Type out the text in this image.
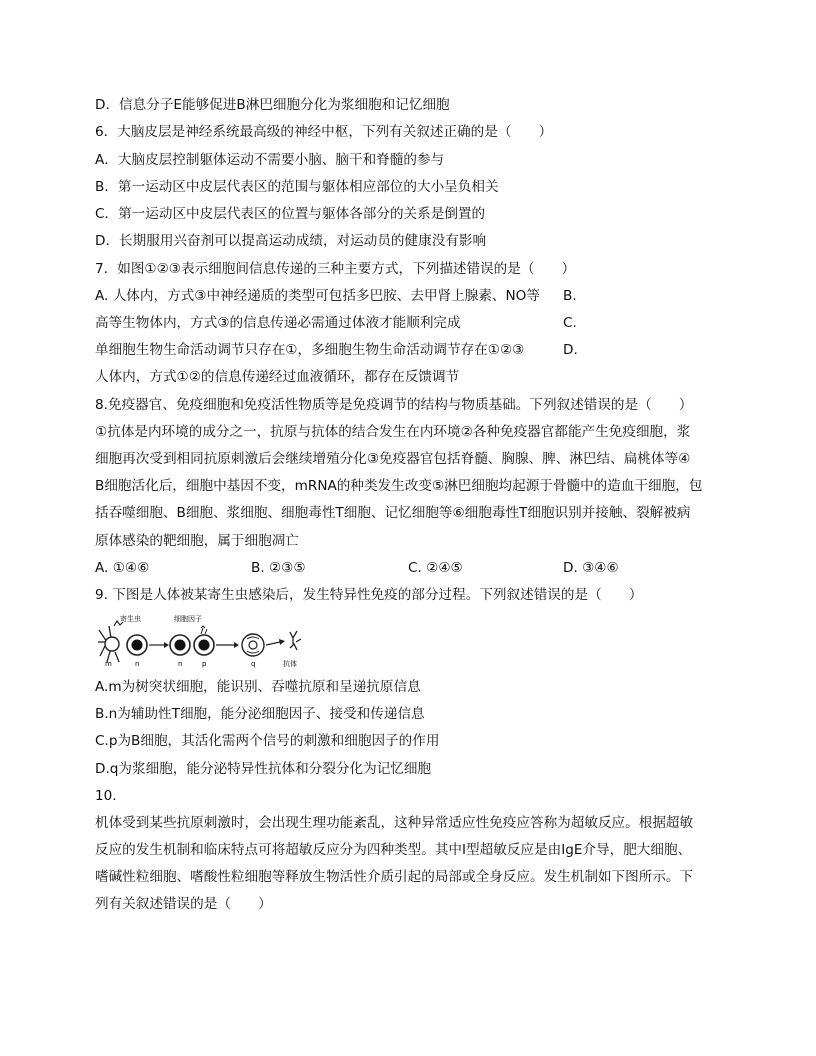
D．信息分子E能够促进B淋巴细胞分化为浆细胞和记忆细胞
6．大脑皮层是神经系统最高级的神经中枢，下列有关叙述正确的是（　　）
A．大脑皮层控制躯体运动不需要小脑、脑干和脊髓的参与
B．第一运动区中皮层代表区的范围与躯体相应部位的大小呈负相关
C．第一运动区中皮层代表区的位置与躯体各部分的关系是倒置的
D．长期服用兴奋剂可以提高运动成绩，对运动员的健康没有影响
7．如图①②③表示细胞间信息传递的三种主要方式，下列描述错误的是（　　）
A. 人体内，方式③中神经递质的类型可包括多巴胺、去甲肾上腺素、NO等
高等生物体内，方式③的信息传递必需通过体液才能顺利完成
单细胞生物生命活动调节只存在①，多细胞生物生命活动调节存在①②③
人体内，方式①②的信息传递经过血液循环，都存在反馈调节
B.
C.
D.
8.免疫器官、免疫细胞和免疫活性物质等是免疫调节的结构与物质基础。下列叙述错误的是（　　）
①抗体是内环境的成分之一，抗原与抗体的结合发生在内环境②各种免疫器官都能产生免疫细胞，浆
细胞再次受到相同抗原刺激后会继续增殖分化③免疫器官包括脊髓、胸腺、脾、淋巴结、扁桃体等④
B细胞活化后，细胞中基因不变，mRNA的种类发生改变⑤淋巴细胞均起源于骨髓中的造血干细胞，包
括吞噬细胞、B细胞、浆细胞、细胞毒性T细胞、记忆细胞等⑥细胞毒性T细胞识别并接触、裂解被病
原体感染的靶细胞，属于细胞凋亡
A. ①④⑥	B. ②③⑤	C. ②④⑤	D. ③④⑥
9. 下图是人体被某寄生虫感染后，发生特异性免疫的部分过程。下列叙述错误的是（　　）
寄生虫	细胞因子
抗体
m	n	n	p	q
A.m为树突状细胞，能识别、吞噬抗原和呈递抗原信息
B.n为辅助性T细胞，能分泌细胞因子、接受和传递信息
C.p为B细胞，其活化需两个信号的刺激和细胞因子的作用
D.q为浆细胞，能分泌特异性抗体和分裂分化为记忆细胞
10.
机体受到某些抗原刺激时，会出现生理功能紊乱，这种异常适应性免疫应答称为超敏反应。根据超敏
反应的发生机制和临床特点可将超敏反应分为四种类型。其中Ⅰ型超敏反应是由IgE介导，肥大细胞、
嗜碱性粒细胞、嗜酸性粒细胞等释放生物活性介质引起的局部或全身反应。发生机制如下图所示。下
列有关叙述错误的是（　　）
